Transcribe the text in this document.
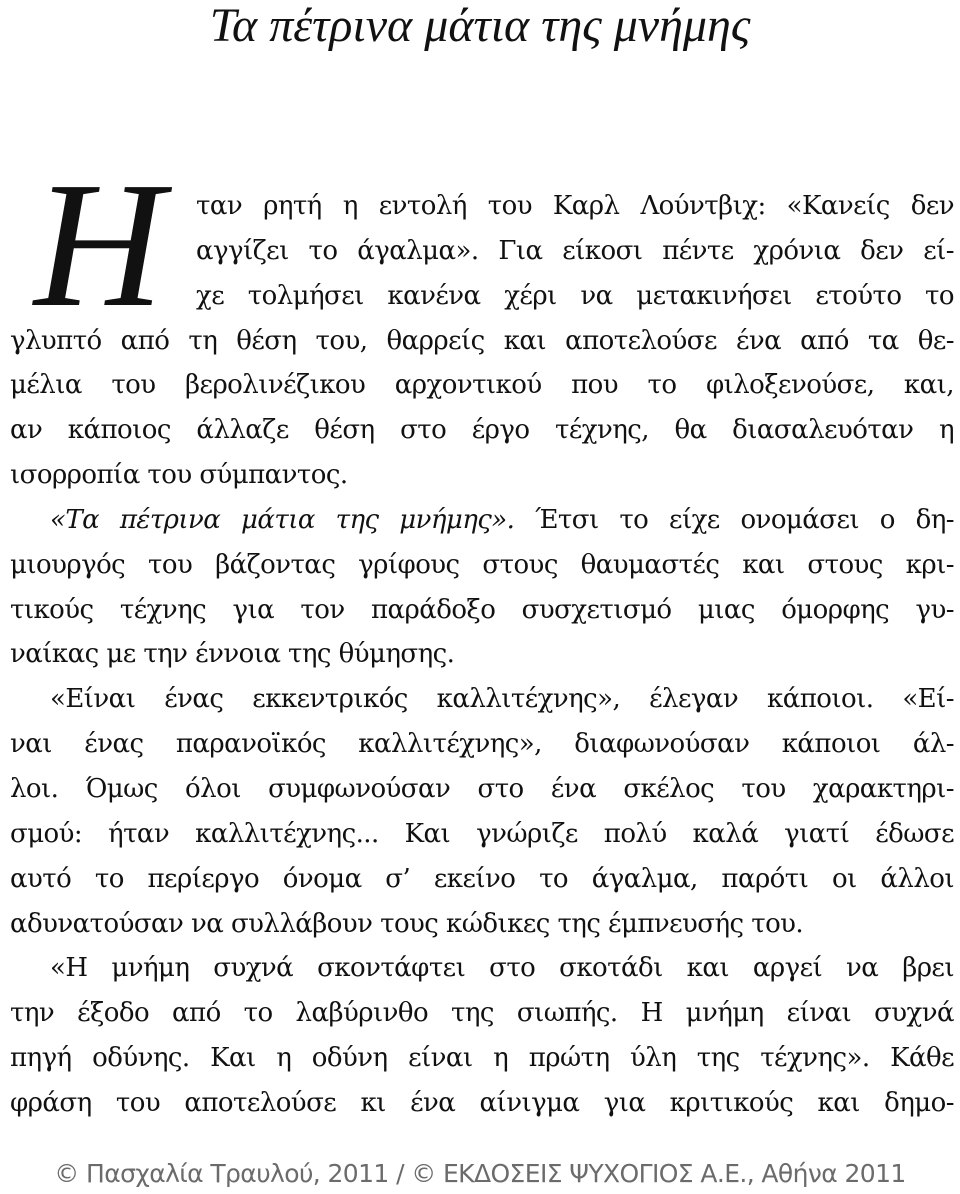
Τα πέτρινα μάτια της μνήμης
Η	ταν ρητή η εντολή του Καρλ Λούντβιχ: «Κανείς δεν
αγγίζει το άγαλμα». Για είκοσι πέντε χρόνια δεν εί-
χε τολμήσει κανένα χέρι να μετακινήσει ετούτο το
γλυπτό από τη θέση του, θαρρείς και αποτελούσε ένα από τα θε-
μέλια του βερολινέζικου αρχοντικού που το φιλοξενούσε, και,
αν κάποιος άλλαζε θέση στο έργο τέχνης, θα διασαλευόταν η
ισορροπία του σύμπαντος.
«Τα πέτρινα μάτια της μνήμης». Έτσι το είχε ονομάσει ο δη-
μιουργός του βάζοντας γρίφους στους θαυμαστές και στους κρι-
τικούς τέχνης για τον παράδοξο συσχετισμό μιας όμορφης γυ-
ναίκας με την έννοια της θύμησης.
«Είναι ένας εκκεντρικός καλλιτέχνης», έλεγαν κάποιοι. «Εί-
ναι ένας παρανοϊκός καλλιτέχνης», διαφωνούσαν κάποιοι άλ-
λοι. Όμως όλοι συμφωνούσαν στο ένα σκέλος του χαρακτηρι-
σμού: ήταν καλλιτέχνης... Και γνώριζε πολύ καλά γιατί έδωσε
αυτό το περίεργο όνομα σ’ εκείνο το άγαλμα, παρότι οι άλλοι
αδυνατούσαν να συλλάβουν τους κώδικες της έμπνευσής του.
«Η μνήμη συχνά σκοντάφτει στο σκοτάδι και αργεί να βρει
την έξοδο από το λαβύρινθο της σιωπής. Η μνήμη είναι συχνά
πηγή οδύνης. Και η οδύνη είναι η πρώτη ύλη της τέχνης». Κάθε
φράση του αποτελούσε κι ένα αίνιγμα για κριτικούς και δημο-
© Πασχαλία Τραυλού, 2011 / © ΕΚΔΟΣΕΙΣ ΨΥΧΟΓΙΟΣ Α.Ε., Αθήνα 2011
